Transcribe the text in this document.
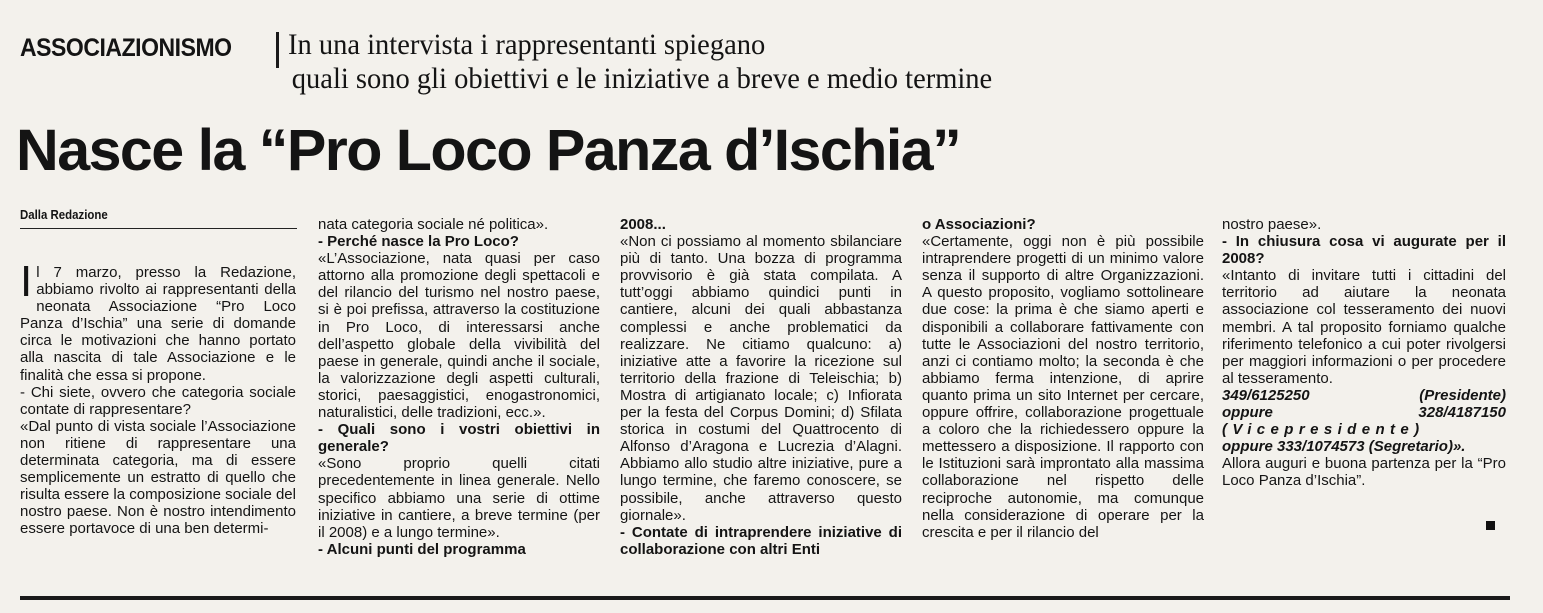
ASSOCIAZIONISMO In una intervista i rappresentanti spiegano
quali sono gli obiettivi e le iniziative a breve e medio termine
Nasce la “Pro Loco Panza d’Ischia”
Dalla Redazione

Il 7 marzo, presso la Redazione, abbiamo rivolto ai rappresentanti della neonata Associazione “Pro Loco Panza d’Ischia” una serie di domande circa le motivazioni che hanno portato alla nascita di tale Associazione e le finalità che essa si propone.

- Chi siete, ovvero che categoria sociale contate di rappresentare?

«Dal punto di vista sociale l’Associazione non ritiene di rappresentare una determinata categoria, ma di essere semplicemente un estratto di quello che risulta essere la composizione sociale del nostro paese. Non è nostro intendimento essere portavoce di una ben determi-

nata categoria sociale né politica».

- Perché nasce la Pro Loco?

«L’Associazione, nata quasi per caso attorno alla promozione degli spettacoli e del rilancio del turismo nel nostro paese, si è poi prefissa, attraverso la costituzione in Pro Loco, di interessarsi anche dell’aspetto globale della vivibilità del paese in generale, quindi anche il sociale, la valorizzazione degli aspetti culturali, storici, paesaggistici, enogastronomici, naturalistici, delle tradizioni, ecc.».

- Quali sono i vostri obiettivi in generale?

«Sono proprio quelli citati precedentemente in linea generale. Nello specifico abbiamo una serie di ottime iniziative in cantiere, a breve termine (per il 2008) e a lungo termine».

- Alcuni punti del programma

2008...

«Non ci possiamo al momento sbilanciare più di tanto. Una bozza di programma provvisorio è già stata compilata. A tutt’oggi abbiamo quindici punti in cantiere, alcuni dei quali abbastanza complessi e anche problematici da realizzare. Ne citiamo qualcuno: a) iniziative atte a favorire la ricezione sul territorio della frazione di Teleischia; b) Mostra di artigianato locale; c) Infiorata per la festa del Corpus Domini; d) Sfilata storica in costumi del Quattrocento di Alfonso d’Aragona e Lucrezia d’Alagni. Abbiamo allo studio altre iniziative, pure a lungo termine, che faremo conoscere, se possibile, anche attraverso questo giornale».

- Contate di intraprendere iniziative di collaborazione con altri Enti

o Associazioni?

«Certamente, oggi non è più possibile intraprendere progetti di un minimo valore senza il supporto di altre Organizzazioni. A questo proposito, vogliamo sottolineare due cose: la prima è che siamo aperti e disponibili a collaborare fattivamente con tutte le Associazioni del nostro territorio, anzi ci contiamo molto; la seconda è che abbiamo ferma intenzione, di aprire quanto prima un sito Internet per cercare, oppure offrire, collaborazione progettuale a coloro che la richiedessero oppure la mettessero a disposizione. Il rapporto con le Istituzioni sarà improntato alla massima collaborazione nel rispetto delle reciproche autonomie, ma comunque nella considerazione di operare per la crescita e per il rilancio del

nostro paese».

- In chiusura cosa vi augurate per il 2008?

«Intanto di invitare tutti i cittadini del territorio ad aiutare la neonata associazione col tesseramento dei nuovi membri. A tal proposito forniamo qualche riferimento telefonico a cui poter rivolgersi per maggiori informazioni o per procedere al tesseramento.

349/6125250	(Presidente)

oppure	328/4187150

(Vicepresidente)

oppure 333/1074573 (Segretario)».

Allora auguri e buona partenza per la “Pro Loco Panza d’Ischia”.
